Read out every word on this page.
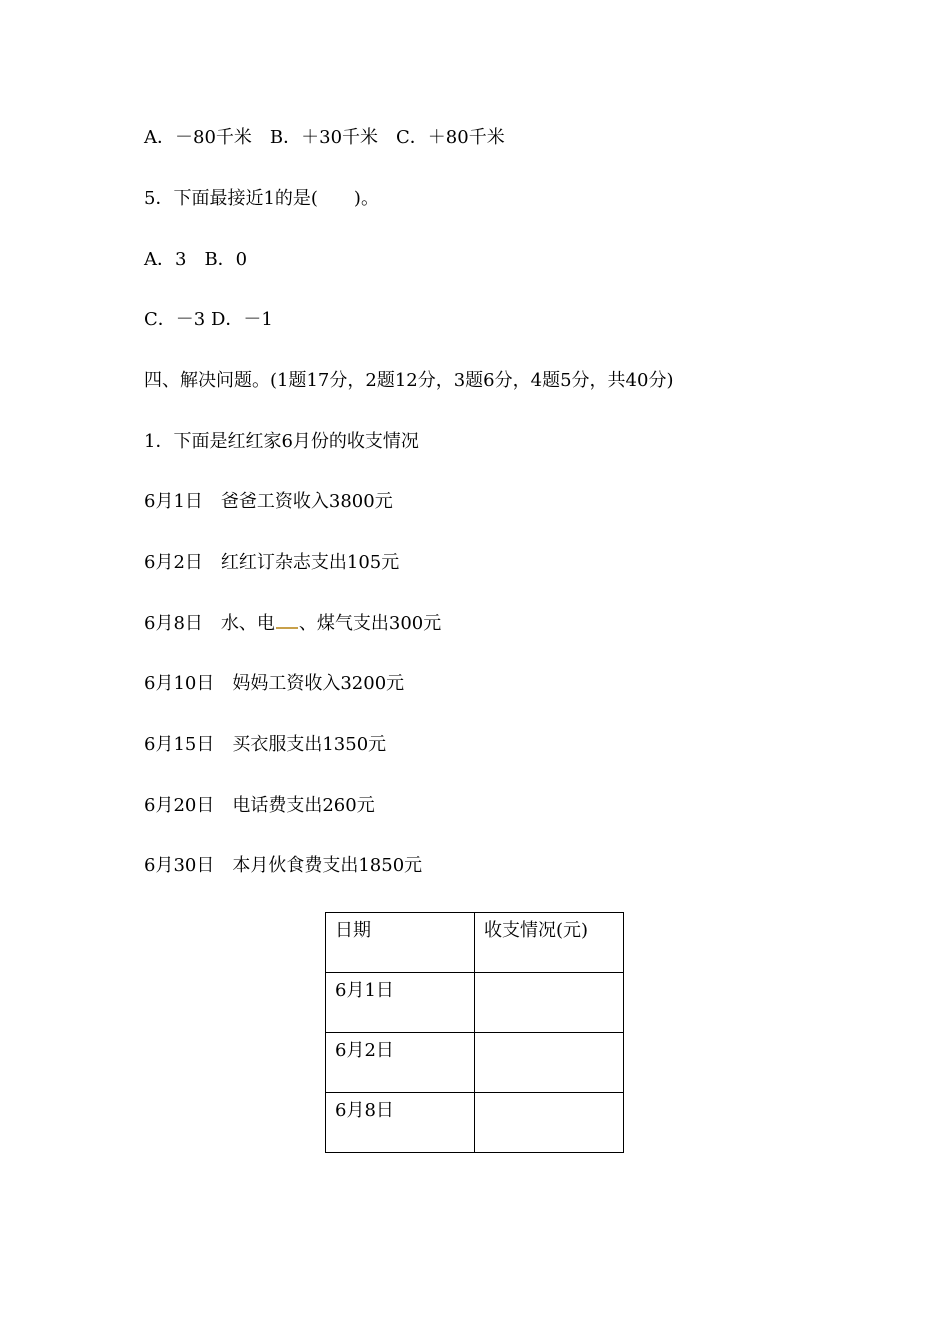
A．－80千米　B．＋30千米　C．＋80千米
5．下面最接近1的是(　　)。
A．3　B．0
C．－3 D．－1
四、解决问题。(1题17分，2题12分，3题6分，4题5分，共40分)
1．下面是红红家6月份的收支情况
6月1日　爸爸工资收入3800元
6月2日　红红订杂志支出105元
6月8日　水、电 、煤气支出300元
6月10日　妈妈工资收入3200元
6月15日　买衣服支出1350元
6月20日　电话费支出260元
6月30日　本月伙食费支出1850元
日期	收支情况(元)
6月1日	
6月2日	
6月8日	
